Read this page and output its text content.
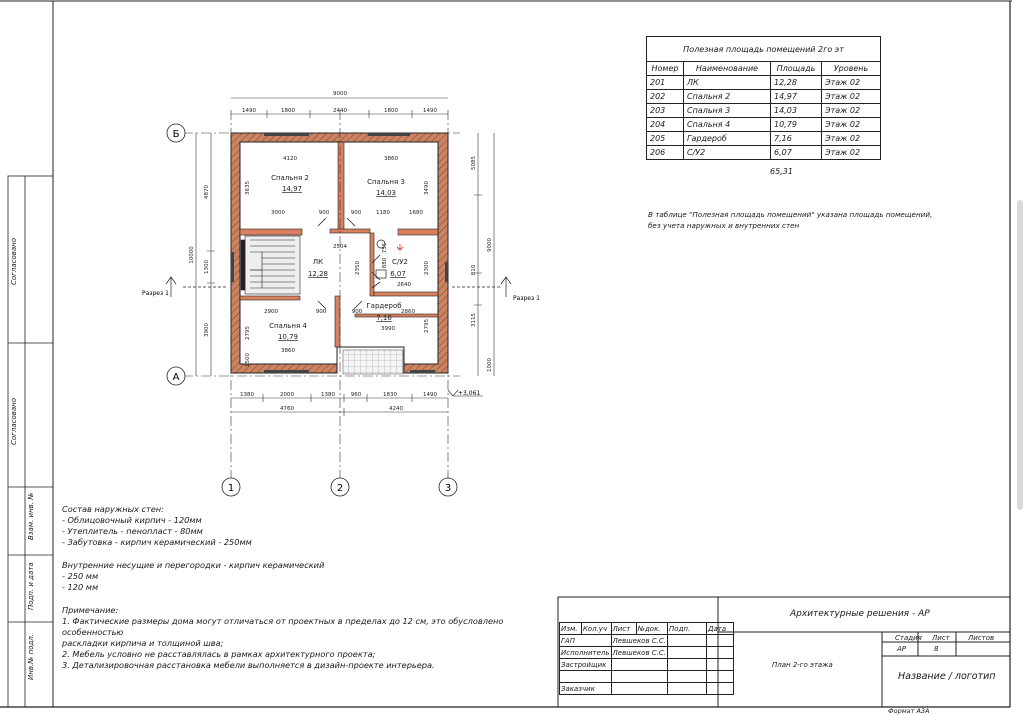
Б
А
1	2	3
9000
1490	1800	2440	1800	1490
1380	2000	1380	960	1830	1490
4760	4240
10000
4870
1300
3900
5085
9000
810
3115
1000
4120	3860
3000	900	900	1180	1680
2504
2640
2900	900	900	2860
3990
3860
2350	2300
3635	3490
2795	2795
1500
880
755
Спальня 2
14,97
Спальня 3
14,03
ЛК
12,28
С/У2
6,07
Гардероб
7,16
Спальня 4
10,79
+3,061
Разрез 1
Разрез 1
Полезная площадь помещений 2го эт			
Номер	Наименование	Площадь	Уровень
201	ЛК	12,28	Этаж 02
202	Спальня 2	14,97	Этаж 02
203	Спальня 3	14,03	Этаж 02
204	Спальня 4	10,79	Этаж 02
205	Гардероб	7,16	Этаж 02
206	С/У2	6,07	Этаж 02
65,31
В таблице "Полезная площадь помещений" указана площадь помещений,
без учета наружных и внутренних стен
Состав наружных стен:
- Облицовочный кирпич - 120мм
- Утеплитель - пеноплаcт - 80мм
- Забутовка - кирпич керамический - 250мм
Внутренние несущие и перегородки - кирпич керамический
- 250 мм
- 120 мм
Примечание:
1. Фактические размеры дома могут отличаться от проектных в пределах до 12 см, это обусловлено особенностью
раскладки кирпича и толщиной шва;
2. Мебель условно не расставлялась в рамках архитектурного проекта;
3. Детализировочная расстановка мебели выполняется в дизайн-проекте интерьера.
Изм.	Кол.уч	Лист	№док.	Подп.	Дата
ГАП		Левшеков С.С.			
Исполнитель		Левшеков С.С.			
Застройщик					

Заказчик					
Архитектурные решения - АР
План 2-го этажа
Стадия Лист	Листов
АР	8
Название / логотип
Формат А3А
Согласовано
Согласовано
Взам. инв. №
Подп. и дата
Инв.№ подл.
